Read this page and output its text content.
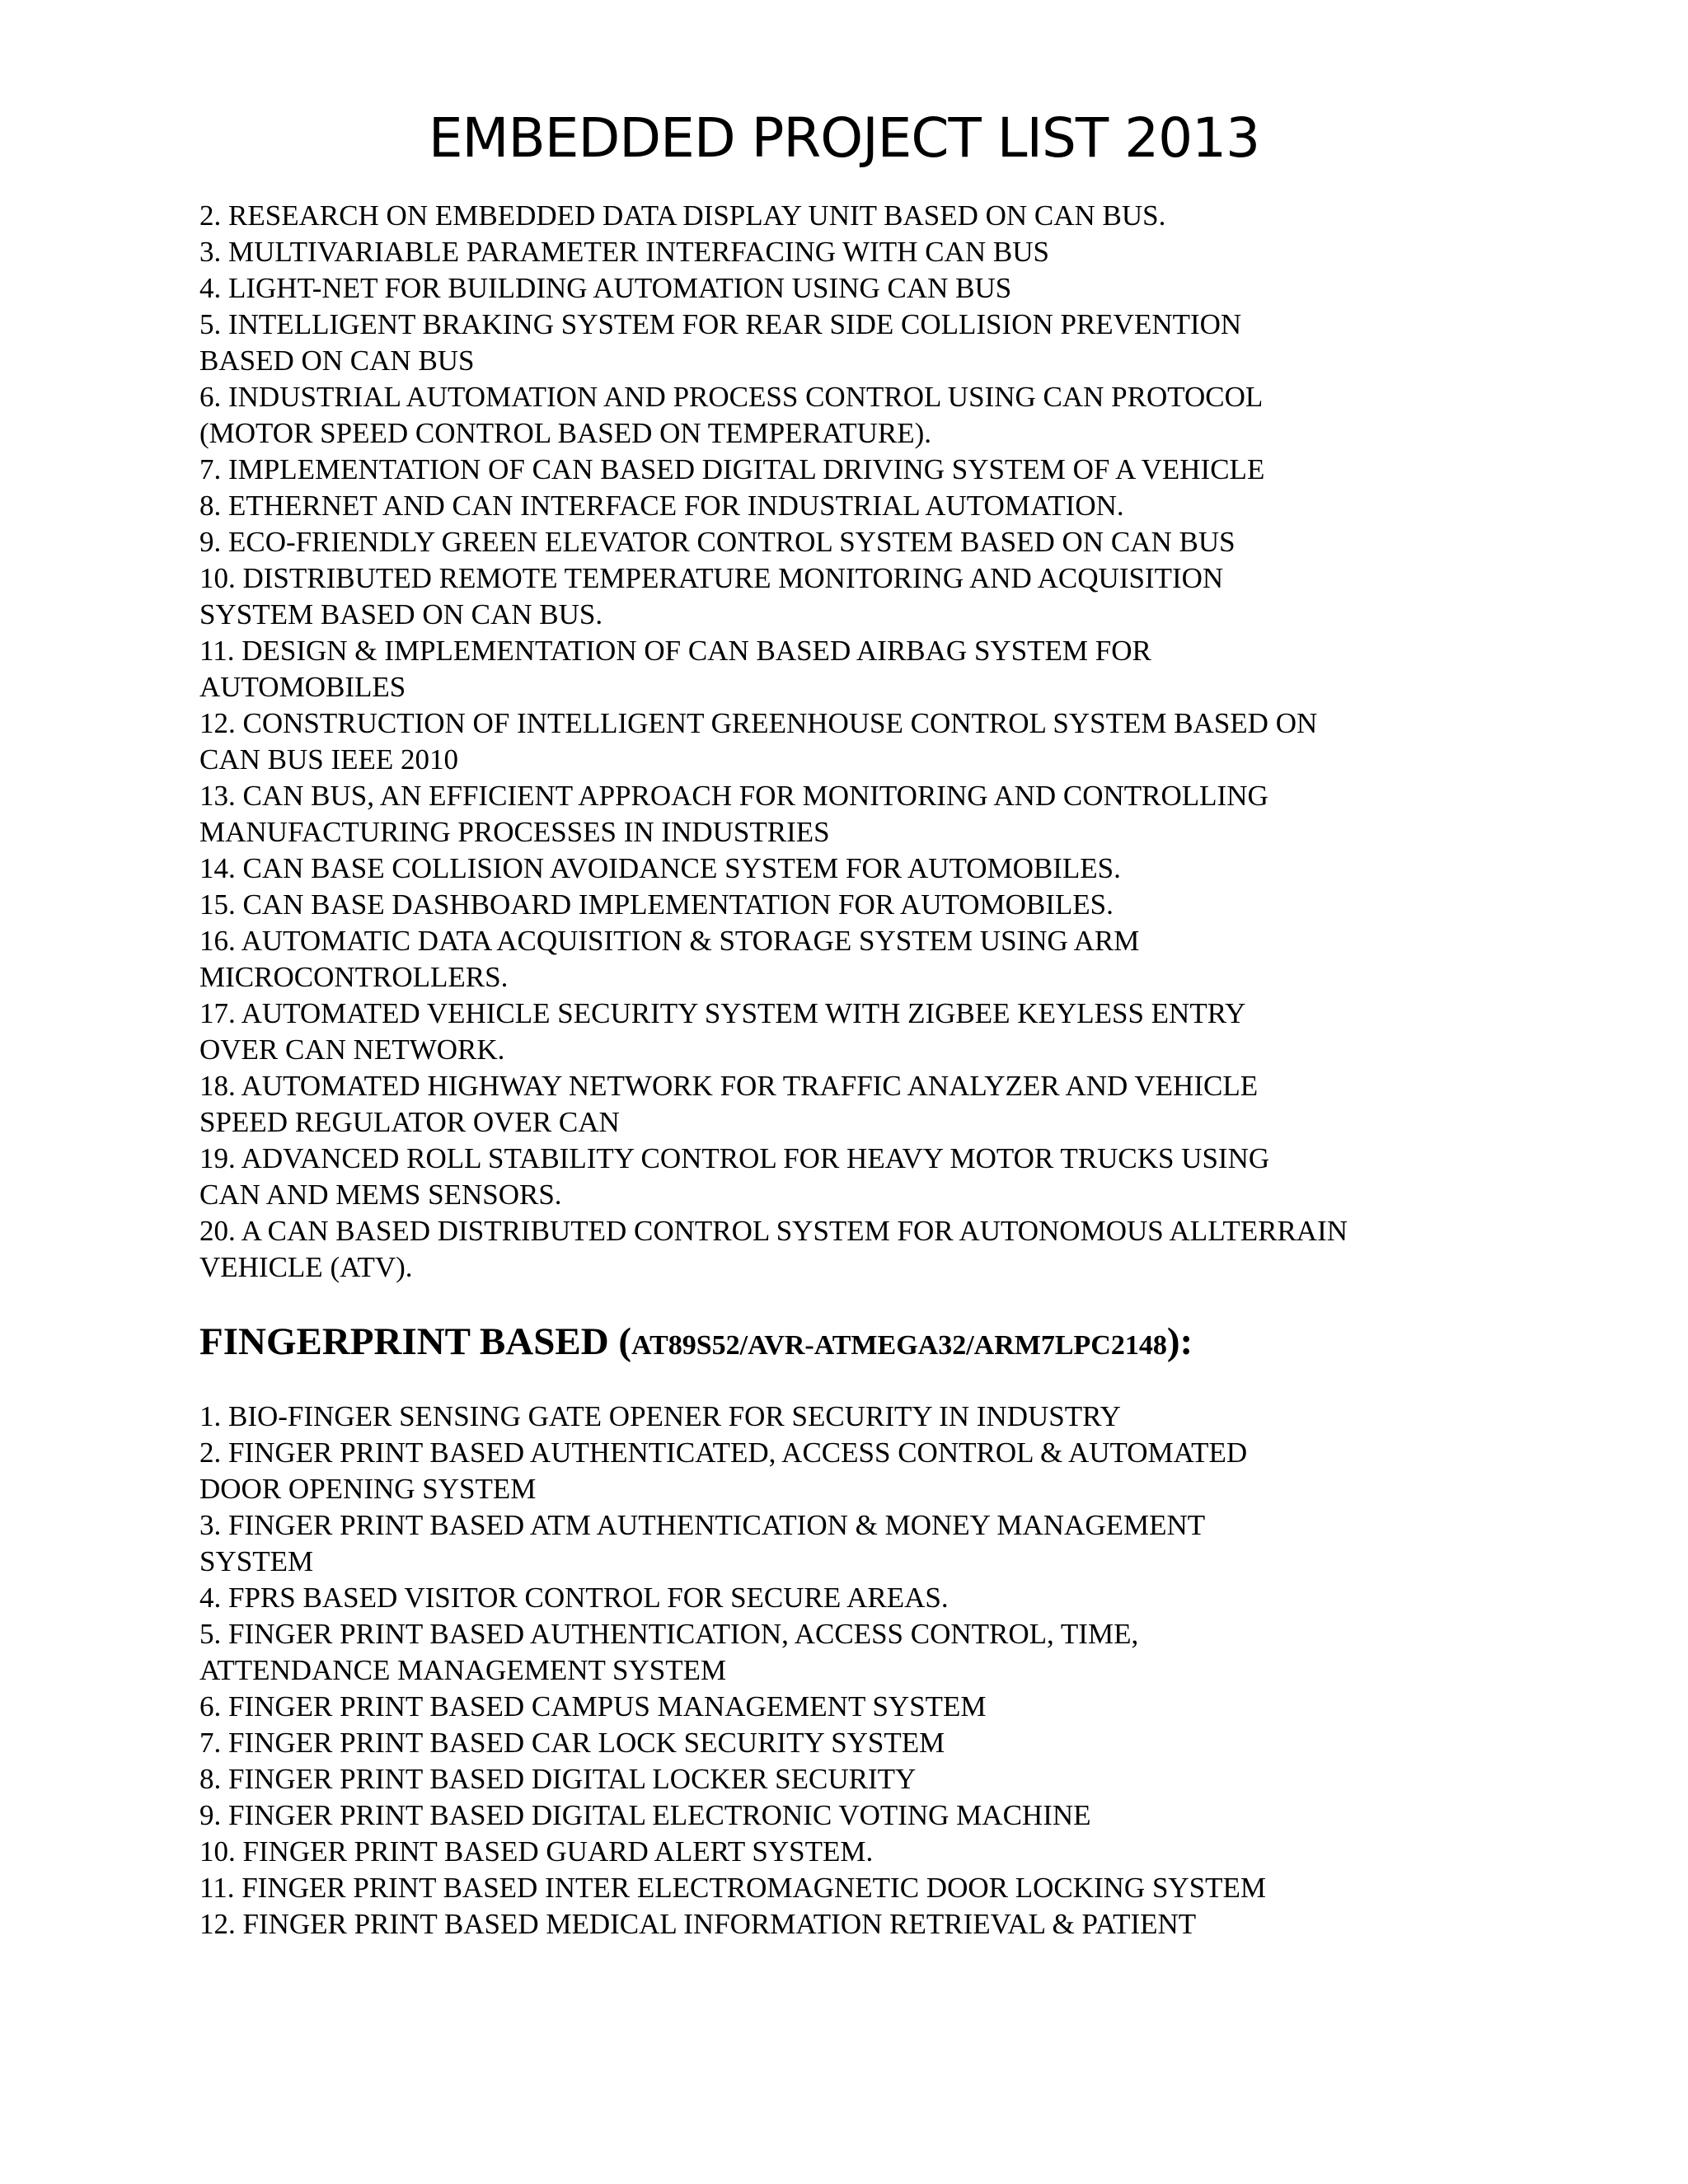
EMBEDDED PROJECT LIST 2013

2. RESEARCH ON EMBEDDED DATA DISPLAY UNIT BASED ON CAN BUS.

3. MULTIVARIABLE PARAMETER INTERFACING WITH CAN BUS

4. LIGHT-NET FOR BUILDING AUTOMATION USING CAN BUS

5. INTELLIGENT BRAKING SYSTEM FOR REAR SIDE COLLISION PREVENTION
BASED ON CAN BUS

6. INDUSTRIAL AUTOMATION AND PROCESS CONTROL USING CAN PROTOCOL
(MOTOR SPEED CONTROL BASED ON TEMPERATURE).

7. IMPLEMENTATION OF CAN BASED DIGITAL DRIVING SYSTEM OF A VEHICLE

8. ETHERNET AND CAN INTERFACE FOR INDUSTRIAL AUTOMATION.

9. ECO-FRIENDLY GREEN ELEVATOR CONTROL SYSTEM BASED ON CAN BUS

10. DISTRIBUTED REMOTE TEMPERATURE MONITORING AND ACQUISITION
SYSTEM BASED ON CAN BUS.

11. DESIGN & IMPLEMENTATION OF CAN BASED AIRBAG SYSTEM FOR
AUTOMOBILES

12. CONSTRUCTION OF INTELLIGENT GREENHOUSE CONTROL SYSTEM BASED ON
CAN BUS IEEE 2010

13. CAN BUS, AN EFFICIENT APPROACH FOR MONITORING AND CONTROLLING
MANUFACTURING PROCESSES IN INDUSTRIES

14. CAN BASE COLLISION AVOIDANCE SYSTEM FOR AUTOMOBILES.

15. CAN BASE DASHBOARD IMPLEMENTATION FOR AUTOMOBILES.

16. AUTOMATIC DATA ACQUISITION & STORAGE SYSTEM USING ARM
MICROCONTROLLERS.

17. AUTOMATED VEHICLE SECURITY SYSTEM WITH ZIGBEE KEYLESS ENTRY
OVER CAN NETWORK.

18. AUTOMATED HIGHWAY NETWORK FOR TRAFFIC ANALYZER AND VEHICLE
SPEED REGULATOR OVER CAN

19. ADVANCED ROLL STABILITY CONTROL FOR HEAVY MOTOR TRUCKS USING
CAN AND MEMS SENSORS.

20. A CAN BASED DISTRIBUTED CONTROL SYSTEM FOR AUTONOMOUS ALLTERRAIN
VEHICLE (ATV).

FINGERPRINT BASED (AT89S52/AVR-ATMEGA32/ARM7LPC2148):

1. BIO-FINGER SENSING GATE OPENER FOR SECURITY IN INDUSTRY

2. FINGER PRINT BASED AUTHENTICATED, ACCESS CONTROL & AUTOMATED
DOOR OPENING SYSTEM

3. FINGER PRINT BASED ATM AUTHENTICATION & MONEY MANAGEMENT
SYSTEM

4. FPRS BASED VISITOR CONTROL FOR SECURE AREAS.

5. FINGER PRINT BASED AUTHENTICATION, ACCESS CONTROL, TIME,
ATTENDANCE MANAGEMENT SYSTEM

6. FINGER PRINT BASED CAMPUS MANAGEMENT SYSTEM

7. FINGER PRINT BASED CAR LOCK SECURITY SYSTEM

8. FINGER PRINT BASED DIGITAL LOCKER SECURITY

9. FINGER PRINT BASED DIGITAL ELECTRONIC VOTING MACHINE

10. FINGER PRINT BASED GUARD ALERT SYSTEM.

11. FINGER PRINT BASED INTER ELECTROMAGNETIC DOOR LOCKING SYSTEM

12. FINGER PRINT BASED MEDICAL INFORMATION RETRIEVAL & PATIENT
